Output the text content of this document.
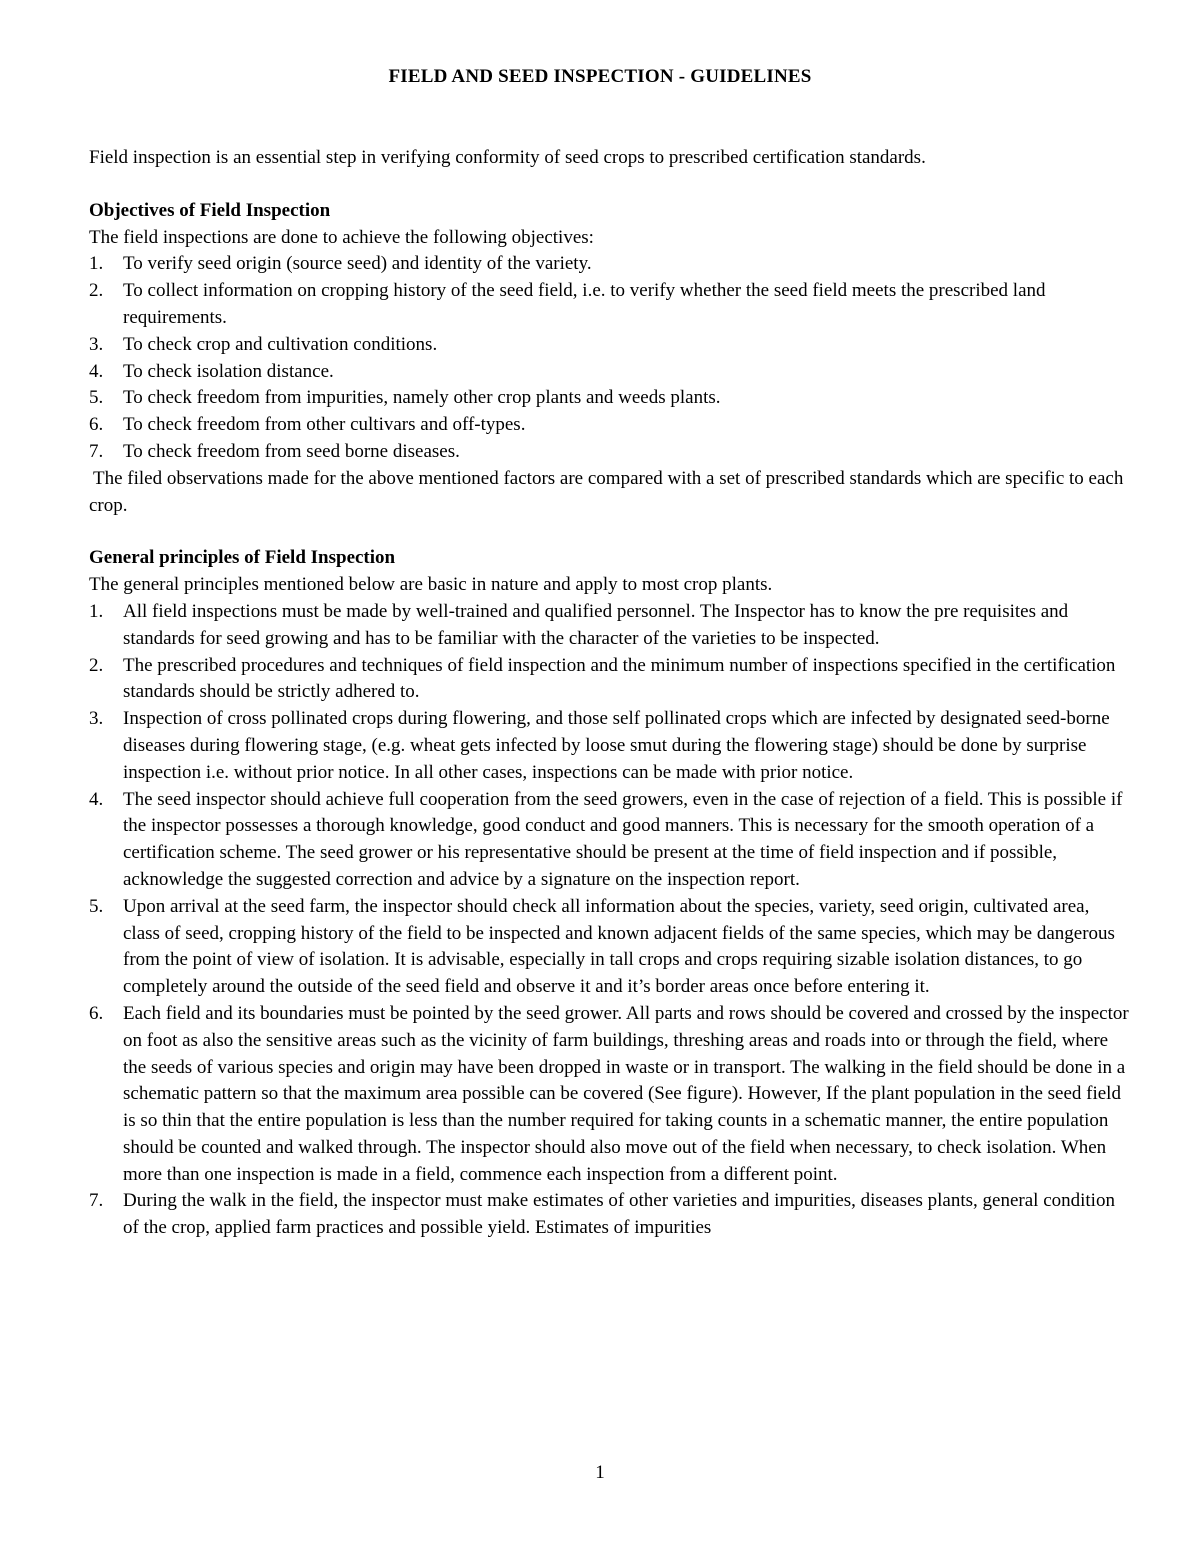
FIELD AND SEED INSPECTION - GUIDELINES

Field inspection is an essential step in verifying conformity of seed crops to prescribed certification standards.

Objectives of Field Inspection

The field inspections are done to achieve the following objectives:

1. To verify seed origin (source seed) and identity of the variety.
2. To collect information on cropping history of the seed field, i.e. to verify whether the seed field meets the prescribed land requirements.
3. To check crop and cultivation conditions.
4. To check isolation distance.
5. To check freedom from impurities, namely other crop plants and weeds plants.
6. To check freedom from other cultivars and off-types.
7. To check freedom from seed borne diseases.

The filed observations made for the above mentioned factors are compared with a set of prescribed standards which are specific to each crop.

General principles of Field Inspection

The general principles mentioned below are basic in nature and apply to most crop plants.

1. All field inspections must be made by well-trained and qualified personnel. The Inspector has to know the pre requisites and standards for seed growing and has to be familiar with the character of the varieties to be inspected.
2. The prescribed procedures and techniques of field inspection and the minimum number of inspections specified in the certification standards should be strictly adhered to.
3. Inspection of cross pollinated crops during flowering, and those self pollinated crops which are infected by designated seed-borne diseases during flowering stage, (e.g. wheat gets infected by loose smut during the flowering stage) should be done by surprise inspection i.e. without prior notice. In all other cases, inspections can be made with prior notice.
4. The seed inspector should achieve full cooperation from the seed growers, even in the case of rejection of a field. This is possible if the inspector possesses a thorough knowledge, good conduct and good manners. This is necessary for the smooth operation of a certification scheme. The seed grower or his representative should be present at the time of field inspection and if possible, acknowledge the suggested correction and advice by a signature on the inspection report.
5. Upon arrival at the seed farm, the inspector should check all information about the species, variety, seed origin, cultivated area, class of seed, cropping history of the field to be inspected and known adjacent fields of the same species, which may be dangerous from the point of view of isolation. It is advisable, especially in tall crops and crops requiring sizable isolation distances, to go completely around the outside of the seed field and observe it and it’s border areas once before entering it.
6. Each field and its boundaries must be pointed by the seed grower. All parts and rows should be covered and crossed by the inspector on foot as also the sensitive areas such as the vicinity of farm buildings, threshing areas and roads into or through the field, where the seeds of various species and origin may have been dropped in waste or in transport. The walking in the field should be done in a schematic pattern so that the maximum area possible can be covered (See figure). However, If the plant population in the seed field is so thin that the entire population is less than the number required for taking counts in a schematic manner, the entire population should be counted and walked through. The inspector should also move out of the field when necessary, to check isolation. When more than one inspection is made in a field, commence each inspection from a different point.
7. During the walk in the field, the inspector must make estimates of other varieties and impurities, diseases plants, general condition of the crop, applied farm practices and possible yield. Estimates of impurities
1
